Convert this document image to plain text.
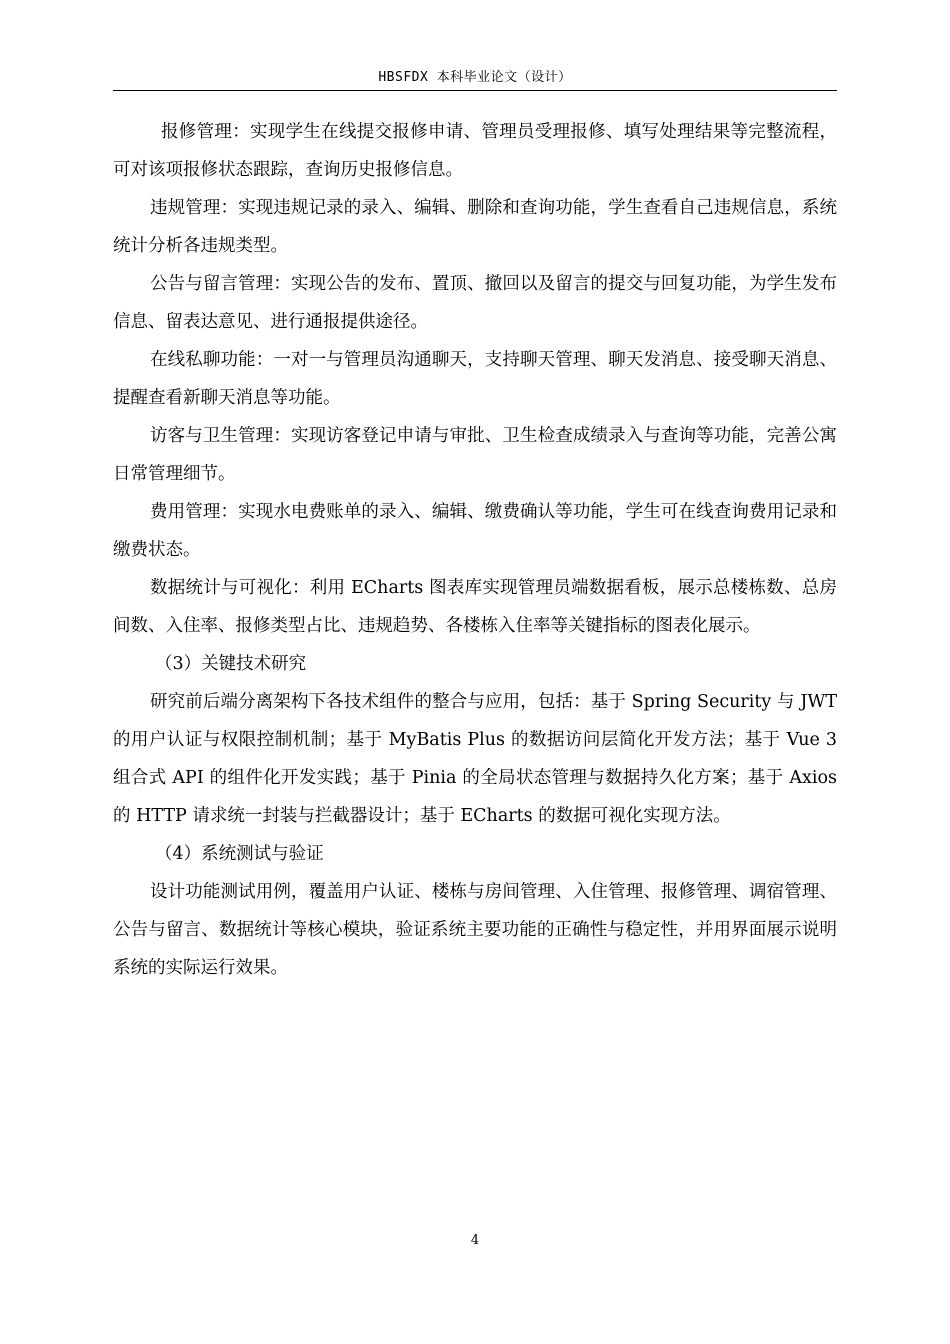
HBSFDX 本科毕业论文（设计）

报修管理：实现学生在线提交报修申请、管理员受理报修、填写处理结果等完整流程，可对该项报修状态跟踪，查询历史报修信息。

违规管理：实现违规记录的录入、编辑、删除和查询功能，学生查看自己违规信息，系统统计分析各违规类型。

公告与留言管理：实现公告的发布、置顶、撤回以及留言的提交与回复功能，为学生发布信息、留表达意见、进行通报提供途径。

在线私聊功能：一对一与管理员沟通聊天，支持聊天管理、聊天发消息、接受聊天消息、提醒查看新聊天消息等功能。

访客与卫生管理：实现访客登记申请与审批、卫生检查成绩录入与查询等功能，完善公寓日常管理细节。

费用管理：实现水电费账单的录入、编辑、缴费确认等功能，学生可在线查询费用记录和缴费状态。

数据统计与可视化：利用 ECharts 图表库实现管理员端数据看板，展示总楼栋数、总房间数、入住率、报修类型占比、违规趋势、各楼栋入住率等关键指标的图表化展示。

（3）关键技术研究

研究前后端分离架构下各技术组件的整合与应用，包括：基于 Spring Security 与 JWT 的用户认证与权限控制机制；基于 MyBatis Plus 的数据访问层简化开发方法；基于 Vue 3 组合式 API 的组件化开发实践；基于 Pinia 的全局状态管理与数据持久化方案；基于 Axios 的 HTTP 请求统一封装与拦截器设计；基于 ECharts 的数据可视化实现方法。

（4）系统测试与验证

设计功能测试用例，覆盖用户认证、楼栋与房间管理、入住管理、报修管理、调宿管理、公告与留言、数据统计等核心模块，验证系统主要功能的正确性与稳定性，并用界面展示说明系统的实际运行效果。

4
